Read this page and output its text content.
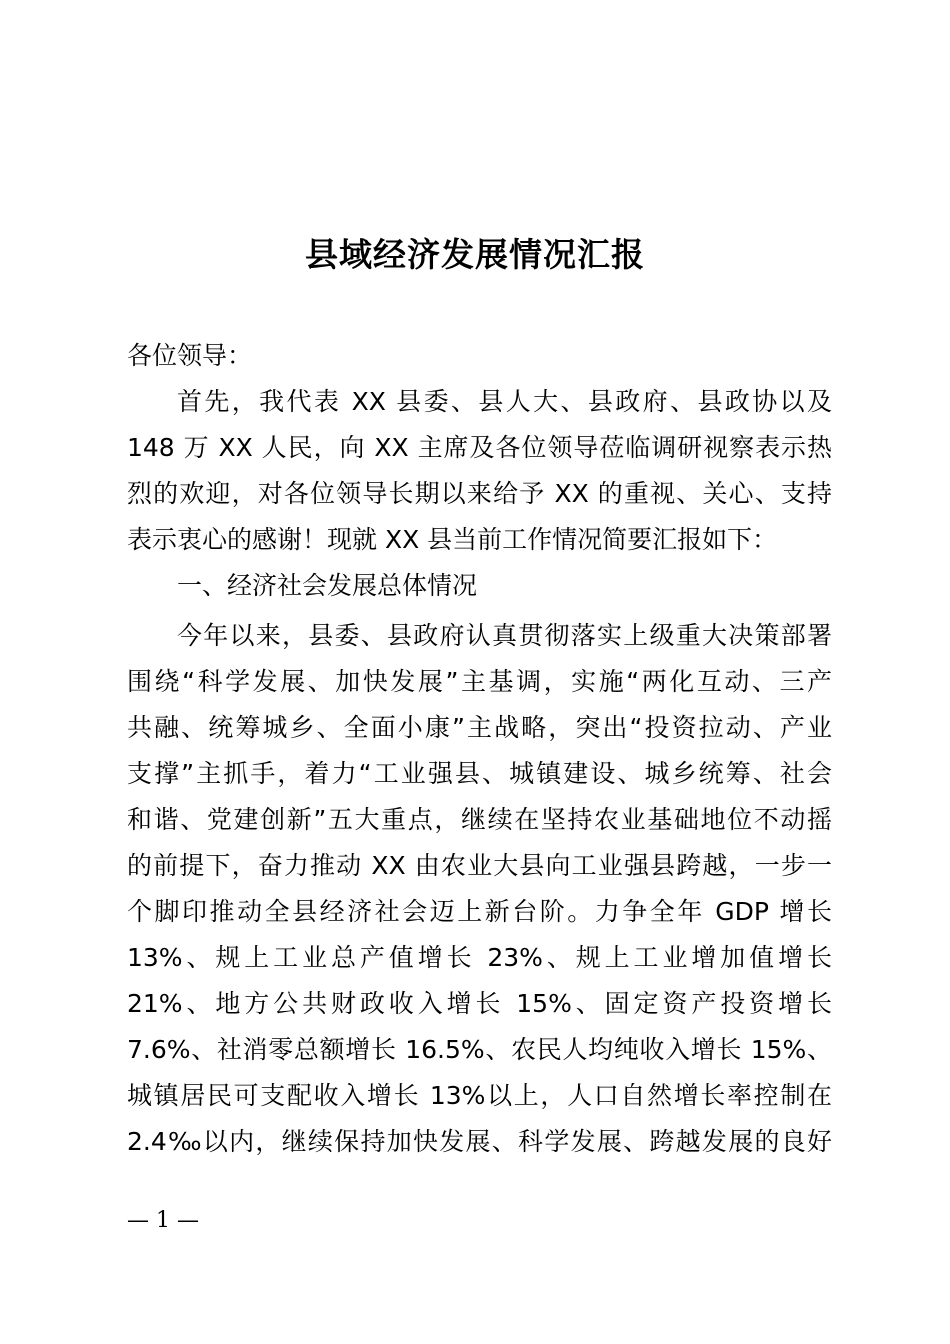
县域经济发展情况汇报
各位领导：
首先，我代表 XX 县委、县人大、县政府、县政协以及
148 万 XX 人民，向 XX 主席及各位领导莅临调研视察表示热
烈的欢迎，对各位领导长期以来给予 XX 的重视、关心、支持
表示衷心的感谢！现就 XX 县当前工作情况简要汇报如下：
一、经济社会发展总体情况
今年以来，县委、县政府认真贯彻落实上级重大决策部署
围绕“科学发展、加快发展”主基调，实施“两化互动、三产
共融、统筹城乡、全面小康”主战略，突出“投资拉动、产业
支撑”主抓手，着力“工业强县、城镇建设、城乡统筹、社会
和谐、党建创新”五大重点，继续在坚持农业基础地位不动摇
的前提下，奋力推动 XX 由农业大县向工业强县跨越，一步一
个脚印推动全县经济社会迈上新台阶。力争全年 GDP 增长
13%、规上工业总产值增长 23%、规上工业增加值增长
21%、地方公共财政收入增长 15%、固定资产投资增长
7.6%、社消零总额增长 16.5%、农民人均纯收入增长 15%、
城镇居民可支配收入增长 13%以上，人口自然增长率控制在
2.4‰以内，继续保持加快发展、科学发展、跨越发展的良好
— 1 —
